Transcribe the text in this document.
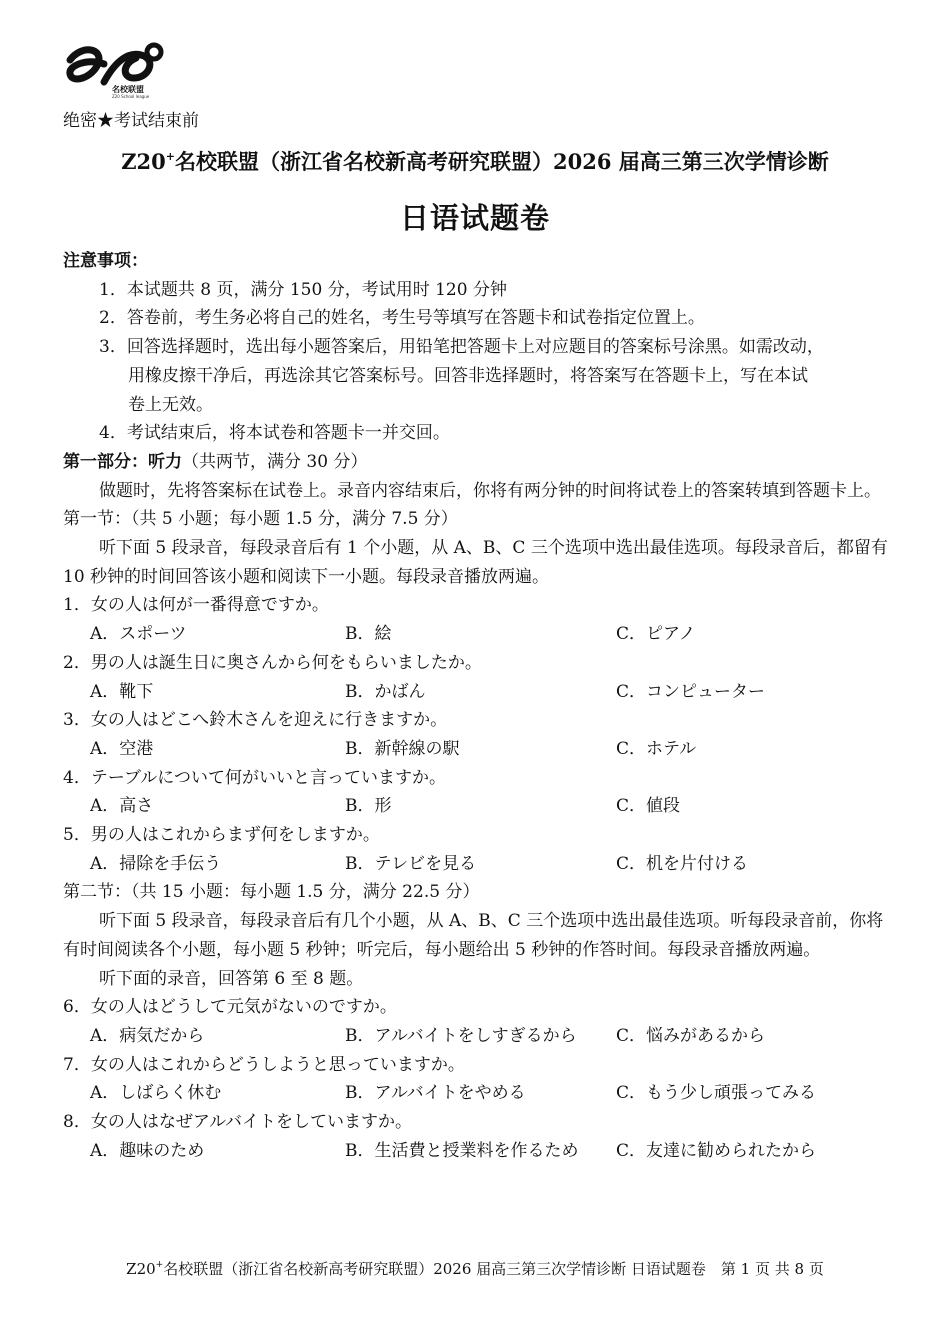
名校联盟
Z20 School league
绝密★考试结束前
Z20+名校联盟（浙江省名校新高考研究联盟）2026 届高三第三次学情诊断
日语试题卷
注意事项：
1．本试题共 8 页，满分 150 分，考试用时 120 分钟
2．答卷前，考生务必将自己的姓名，考生号等填写在答题卡和试卷指定位置上。
3．回答选择题时，选出每小题答案后，用铅笔把答题卡上对应题目的答案标号涂黑。如需改动，
用橡皮擦干净后，再选涂其它答案标号。回答非选择题时，将答案写在答题卡上，写在本试
卷上无效。
4．考试结束后，将本试卷和答题卡一并交回。
第一部分：听力（共两节，满分 30 分）
做题时，先将答案标在试卷上。录音内容结束后，你将有两分钟的时间将试卷上的答案转填到答题卡上。
第一节：（共 5 小题；每小题 1.5 分，满分 7.5 分）
听下面 5 段录音，每段录音后有 1 个小题，从 A、B、C 三个选项中选出最佳选项。每段录音后，都留有 10 秒钟的时间回答该小题和阅读下一小题。每段录音播放两遍。
1．女の人は何が一番得意ですか。
A．スポーツ	B．絵	C．ピアノ
2．男の人は誕生日に奥さんから何をもらいましたか。
A．靴下	B．かばん	C．コンピューター
3．女の人はどこへ鈴木さんを迎えに行きますか。
A．空港	B．新幹線の駅	C．ホテル
4．テーブルについて何がいいと言っていますか。
A．高さ	B．形	C．値段
5．男の人はこれからまず何をしますか。
A．掃除を手伝う	B．テレビを見る	C．机を片付ける
第二节：（共 15 小题：每小题 1.5 分，满分 22.5 分）
听下面 5 段录音，每段录音后有几个小题，从 A、B、C 三个选项中选出最佳选项。听每段录音前，你将有时间阅读各个小题，每小题 5 秒钟；听完后，每小题给出 5 秒钟的作答时间。每段录音播放两遍。
听下面的录音，回答第 6 至 8 题。
6．女の人はどうして元気がないのですか。
A．病気だから	B．アルバイトをしすぎるから	C．悩みがあるから
7．女の人はこれからどうしようと思っていますか。
A．しばらく休む	B．アルバイトをやめる	C．もう少し頑張ってみる
8．女の人はなぜアルバイトをしていますか。
A．趣味のため	B．生活費と授業料を作るため	C．友達に勧められたから
Z20+名校联盟（浙江省名校新高考研究联盟）2026 届高三第三次学情诊断 日语试题卷　第 1 页 共 8 页
